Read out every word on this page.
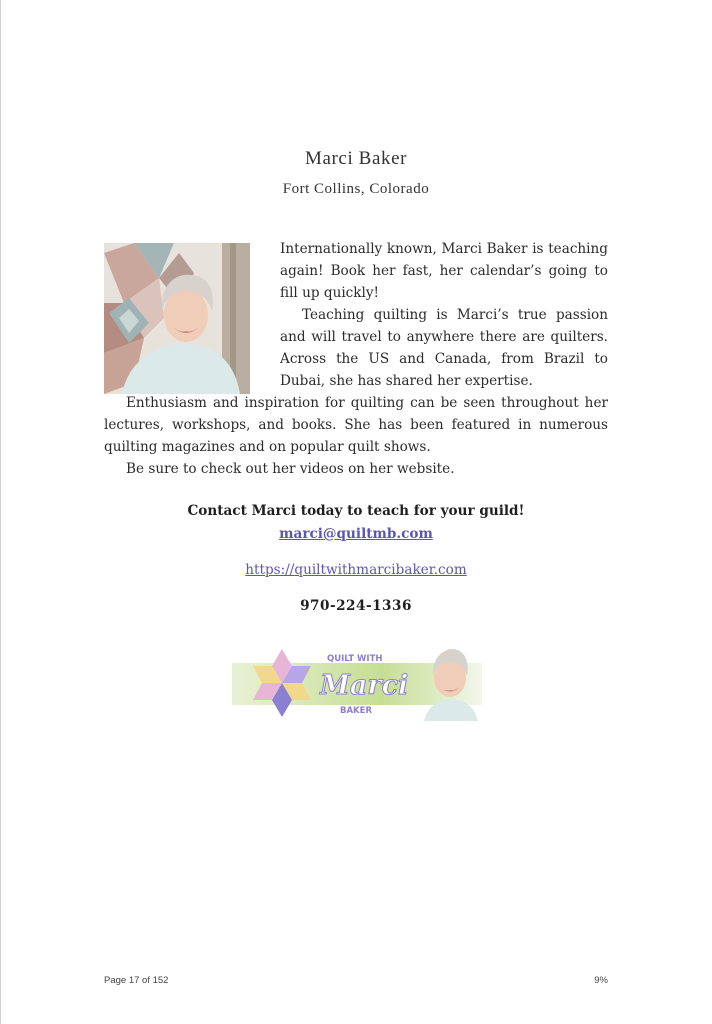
Marci Baker
Fort Collins, Colorado

Internationally known, Marci Baker is teaching again! Book her fast, her calendar’s going to fill up quickly!

Teaching quilting is Marci’s true passion and will travel to anywhere there are quilters. Across the US and Canada, from Brazil to Dubai, she has shared her expertise.

Enthusiasm and inspiration for quilting can be seen throughout her lectures, workshops, and books. She has been featured in numerous quilting magazines and on popular quilt shows.

Be sure to check out her videos on her website.

Contact Marci today to teach for your guild!
marci@quiltmb.com
https://quiltwithmarcibaker.com
970-224-1336
QUILT WITH
Marci
BAKER
Page 17 of 152	9%
